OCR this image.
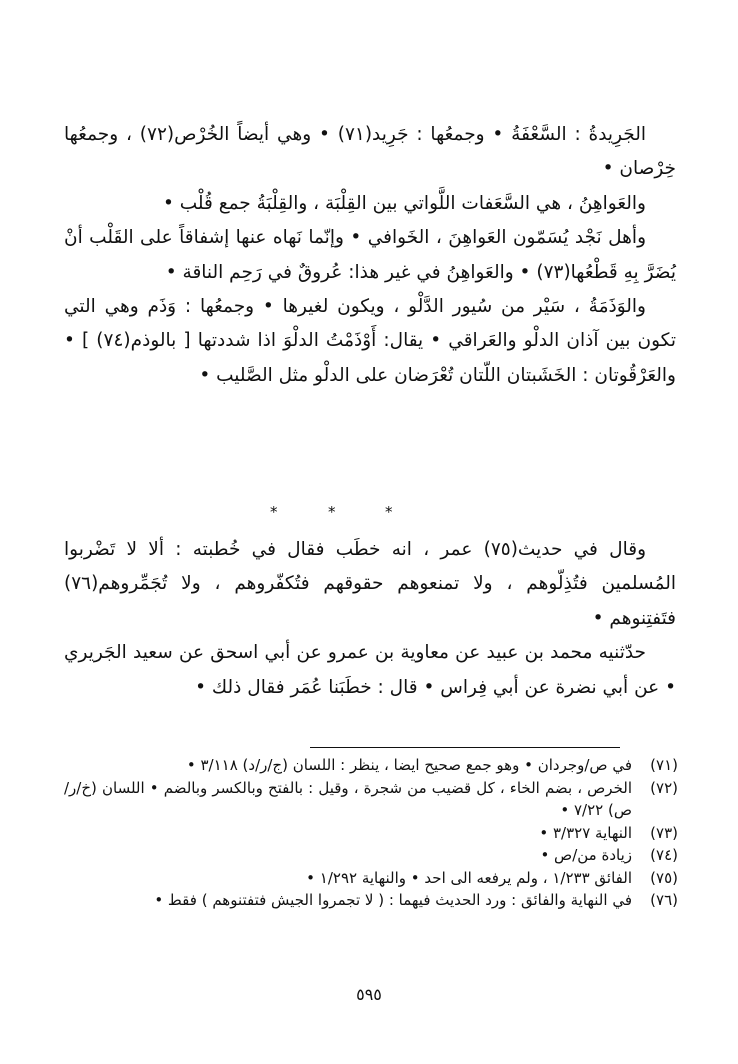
الجَرِيدةُ : السَّعْفَةُ • وجمعُها : جَرِيد(٧١) • وهي أيضاً الخُرْص(٧٢) ، وجمعُها خِرْصان •

والعَواهِنُ ، هي السَّعَفات اللَّواتي بين القِلْبَة ، والقِلْبَةُ جمع قُلْب •

وأهل نَجْد يُسَمّون العَواهِنَ ، الخَوافي • وإنّما نَهاه عنها إشفاقاً على القَلْب أنْ يُضَرَّ بِهِ قَطْعُها(٧٣) • والعَواهِنُ في غير هذا: عُروقٌ في رَحِم الناقة •

والوَذَمَةُ ، سَيْر من سُيور الدَّلْو ، ويكون لغيرها • وجمعُها : وَذَم وهي التي تكون بين آذان الدلْو والعَراقي • يقال: أَوْذَمْتُ الدلْوَ اذا شددتها [ بالوذم(٧٤) ] • والعَرْقُوتان : الخَشَبتان اللّتان تُعْرَضان على الدلْو مثل الصَّليب •

*	*	*

وقال في حديث(٧٥) عمر ، انه خطَب فقال في خُطبته : ألا لا تَضْربوا المُسلمين فتُذِلّوهم ، ولا تمنعوهم حقوقهم فتُكفّروهم ، ولا تُجَمِّروهم(٧٦) فتَفتِنوهم •

حدّثنيه محمد بن عبيد عن معاوية بن عمرو عن أبي اسحق عن سعيد الجَريري • عن أبي نضرة عن أبي فِراس • قال : خطَبَنا عُمَر فقال ذلك •

(٧١)
في ص/وجردان • وهو جمع صحيح ايضا ، ينظر : اللسان (ج/ر/د) ٣/١١٨ •
(٧٢)
الخرص ، بضم الخاء ، كل قضيب من شجرة ، وقيل : بالفتح وبالكسر وبالضم • اللسان (خ/ر/ص) ٧/٢٢ •
(٧٣)
النهاية ٣/٣٢٧ •
(٧٤)
زيادة من/ص •
(٧٥)
الفائق ١/٢٣٣ ، ولم يرفعه الى احد • والنهاية ١/٢٩٢ •
(٧٦)
في النهاية والفائق : ورد الحديث فيهما : ( لا تجمروا الجيش فتفتنوهم ) فقط •
٥٩٥
